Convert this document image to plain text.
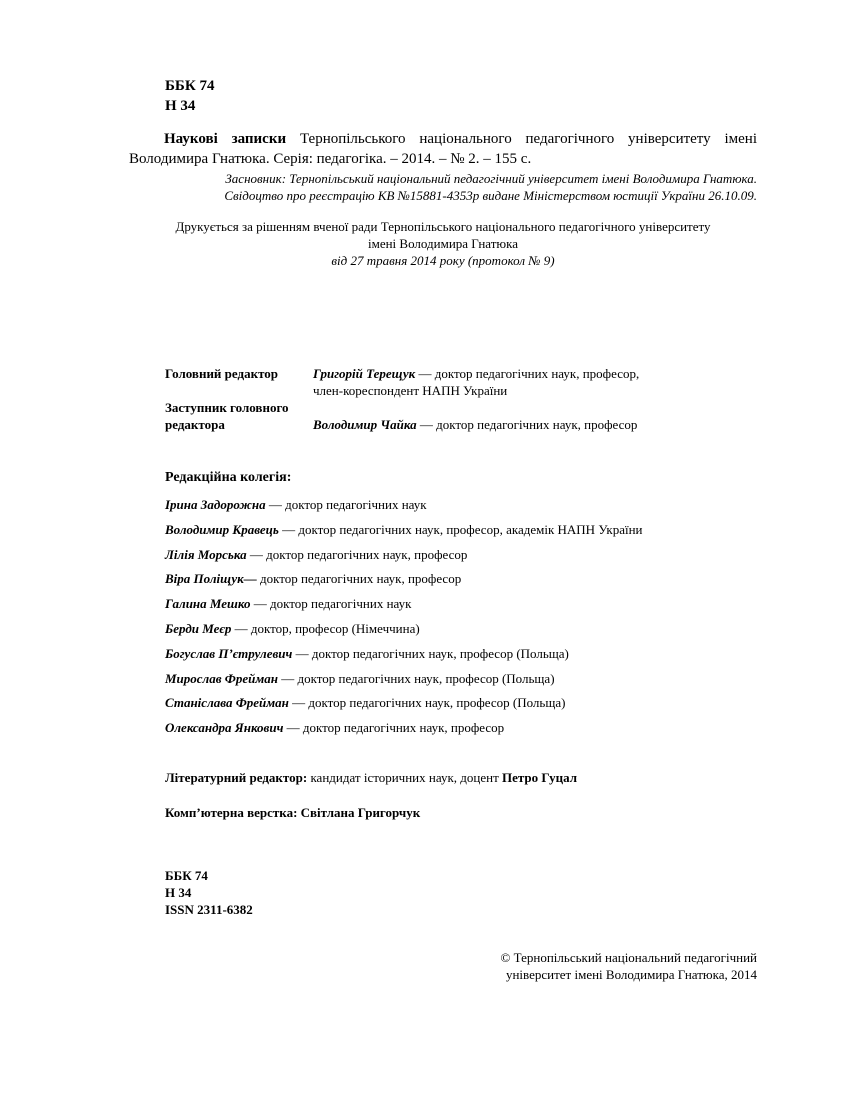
ББК 74
Н 34
Наукові записки Тернопільського національного педагогічного університету імені
Володимира Гнатюка. Серія: педагогіка. – 2014. – № 2. – 155 с.
Засновник: Тернопільський національний педагогічний університет імені Володимира Гнатюка.
Свідоцтво про реєстрацію КВ №15881-4353р видане Міністерством юстиції України 26.10.09.
Друкується за рішенням вченої ради Тернопільського національного педагогічного університету
імені Володимира Гнатюка
від 27 травня 2014 року (протокол № 9)
Головний редактор	Григорій Терещук — доктор педагогічних наук, професор,
член-кореспондент НАПН України
Заступник головного
редактора	Володимир Чайка — доктор педагогічних наук, професор
Редакційна колегія:
Ірина Задорожна — доктор педагогічних наук
Володимир Кравець — доктор педагогічних наук, професор, академік НАПН України
Лілія Морська — доктор педагогічних наук, професор
Віра Поліщук— доктор педагогічних наук, професор
Галина Мешко — доктор педагогічних наук
Берди Меєр — доктор, професор (Німеччина)
Богуслав П’єтрулевич — доктор педагогічних наук, професор (Польща)
Мирослав Фрейман — доктор педагогічних наук, професор (Польща)
Станіслава Фрейман — доктор педагогічних наук, професор (Польща)
Олександра Янкович — доктор педагогічних наук, професор
Літературний редактор: кандидат історичних наук, доцент Петро Гуцал
Комп’ютерна верстка: Світлана Григорчук
ББК 74
Н 34
ISSN 2311-6382
© Тернопільський національний педагогічний
університет імені Володимира Гнатюка, 2014
